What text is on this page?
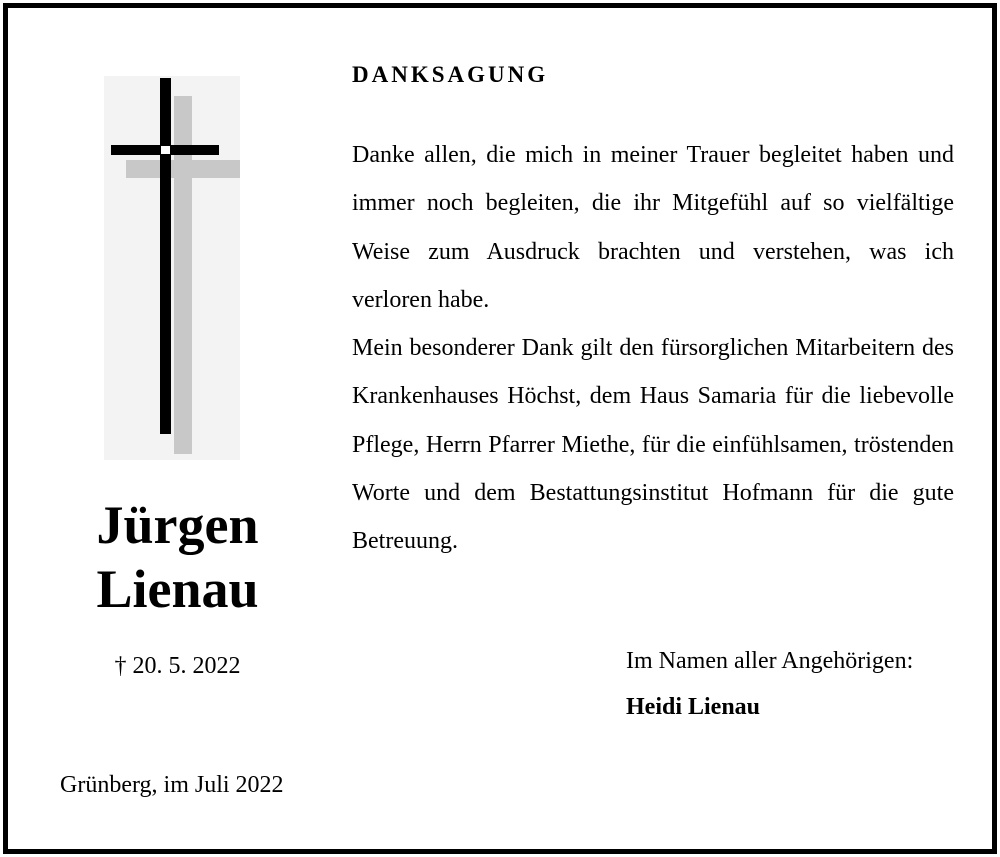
Jürgen
Lienau
† 20. 5. 2022
Grünberg, im Juli 2022
DANKSAGUNG

Danke allen, die mich in meiner Trauer begleitet haben und immer noch begleiten, die ihr Mitgefühl auf so vielfältige Weise zum Ausdruck brachten und verstehen, was ich verloren habe.

Mein besonderer Dank gilt den fürsorglichen Mitarbeitern des Krankenhauses Höchst, dem Haus Samaria für die liebevolle Pflege, Herrn Pfarrer Miethe, für die einfühlsamen, tröstenden Worte und dem Bestattungsinstitut Hofmann für die gute Betreuung.

Im Namen aller Angehörigen:
Heidi Lienau
